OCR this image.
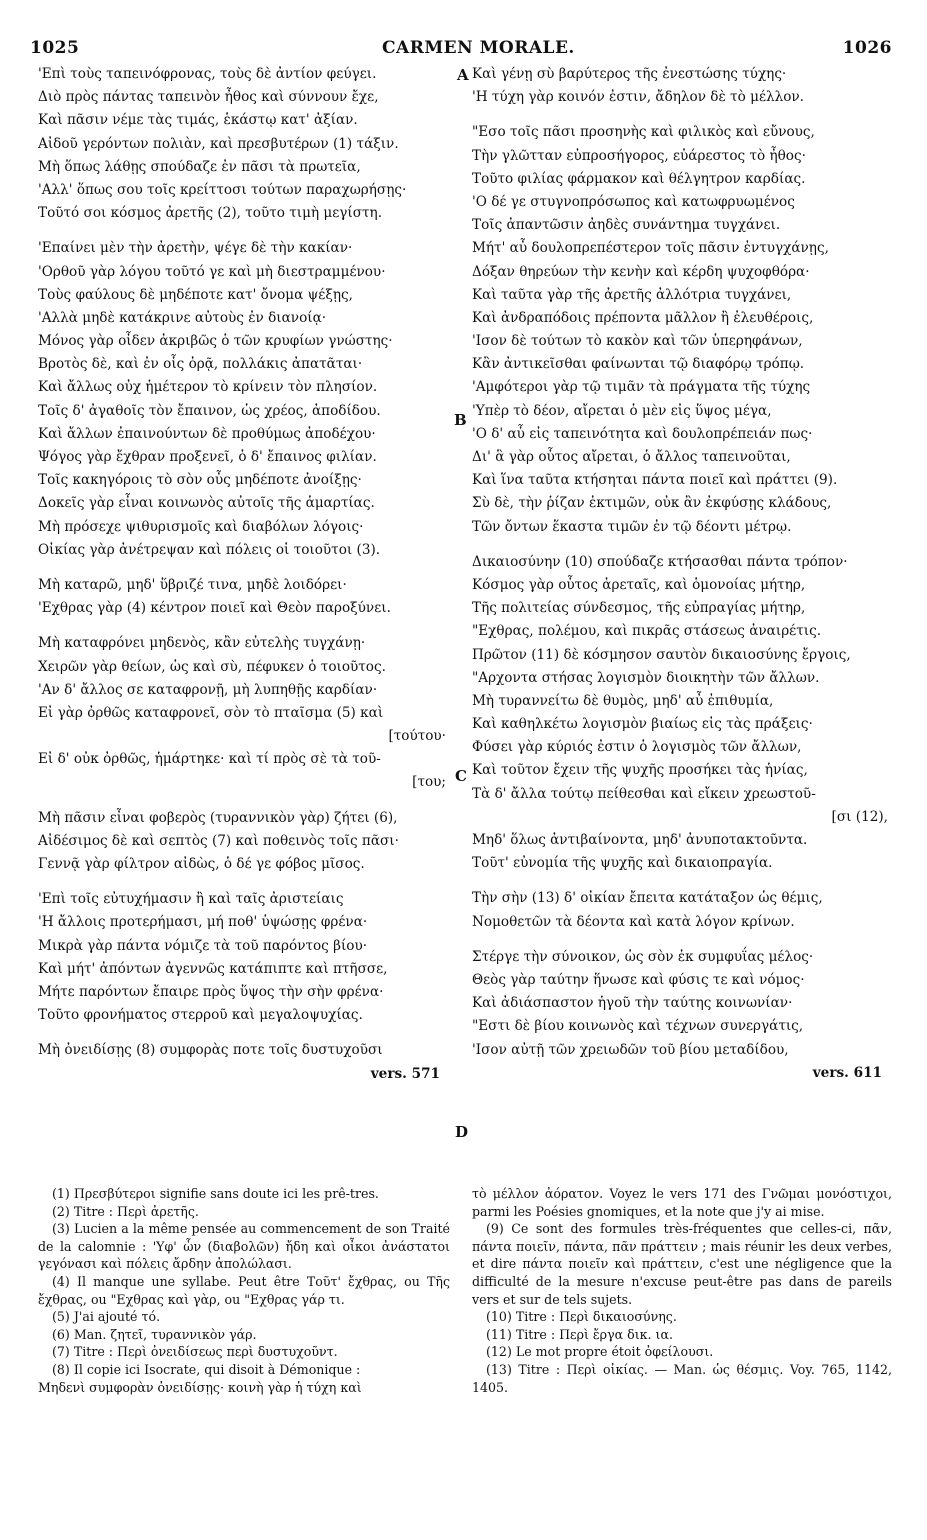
1025	CARMEN MORALE.	1026
A
B
C
D
'Επὶ τοὺς ταπεινόφρονας, τοὺς δὲ ἀντίον φεύγει.
Διὸ πρὸς πάντας ταπεινὸν ἦθος καὶ σύννουν ἔχε,
Καὶ πᾶσιν νέμε τὰς τιμάς, ἑκάστῳ κατ' ἀξίαν.
Αἰδοῦ γερόντων πολιὰν, καὶ πρεσβυτέρων (1) τάξιν.
Μὴ ὅπως λάθῃς σπούδαζε ἐν πᾶσι τὰ πρωτεῖα,
'Αλλ' ὅπως σου τοῖς κρείττοσι τούτων παραχωρήσῃς·
Τοῦτό σοι κόσμος ἀρετῆς (2), τοῦτο τιμὴ μεγίστη.
'Επαίνει μὲν τὴν ἀρετὴν, ψέγε δὲ τὴν κακίαν·
'Ορθοῦ γὰρ λόγου τοῦτό γε καὶ μὴ διεστραμμένου·
Τοὺς φαύλους δὲ μηδέποτε κατ' ὄνομα ψέξῃς,
'Αλλὰ μηδὲ κατάκρινε αὐτοὺς ἐν διανοίᾳ·
Μόνος γὰρ οἶδεν ἀκριβῶς ὁ τῶν κρυφίων γνώστης·
Βροτὸς δὲ, καὶ ἐν οἷς ὁρᾷ, πολλάκις ἀπατᾶται·
Καὶ ἄλλως οὐχ ἡμέτερον τὸ κρίνειν τὸν πλησίον.
Τοῖς δ' ἀγαθοῖς τὸν ἔπαινον, ὡς χρέος, ἀποδίδου.
Καὶ ἄλλων ἐπαινούντων δὲ προθύμως ἀποδέχου·
Ψόγος γὰρ ἔχθραν προξενεῖ, ὁ δ' ἔπαινος φιλίαν.
Τοῖς κακηγόροις τὸ σὸν οὖς μηδέποτε ἀνοίξῃς·
Δοκεῖς γὰρ εἶναι κοινωνὸς αὐτοῖς τῆς ἁμαρτίας.
Μὴ πρόσεχε ψιθυρισμοῖς καὶ διαβόλων λόγοις·
Οἰκίας γὰρ ἀνέτρεψαν καὶ πόλεις οἱ τοιοῦτοι (3).
Μὴ καταρῶ, μηδ' ὕβριζέ τινα, μηδὲ λοιδόρει·
'Εχθρας γὰρ (4) κέντρον ποιεῖ καὶ Θεὸν παροξύνει.
Μὴ καταφρόνει μηδενὸς, κἂν εὐτελὴς τυγχάνῃ·
Χειρῶν γὰρ θείων, ὡς καὶ σὺ, πέφυκεν ὁ τοιοῦτος.
'Αν δ' ἄλλος σε καταφρονῇ, μὴ λυπηθῇς καρδίαν·
Εἰ γὰρ ὀρθῶς καταφρονεῖ, σὸν τὸ πταῖσμα (5) καὶ
[τούτου·
Εἰ δ' οὐκ ὀρθῶς, ἡμάρτηκε· καὶ τί πρὸς σὲ τὰ τοῦ-
[του;
Μὴ πᾶσιν εἶναι φοβερὸς (τυραννικὸν γὰρ) ζήτει (6),
Αἰδέσιμος δὲ καὶ σεπτὸς (7) καὶ ποθεινὸς τοῖς πᾶσι·
Γεννᾷ γὰρ φίλτρον αἰδὼς, ὁ δέ γε φόβος μῖσος.
'Επὶ τοῖς εὐτυχήμασιν ἢ καὶ ταῖς ἀριστείαις
'Η ἄλλοις προτερήμασι, μή ποθ' ὑψώσῃς φρένα·
Μικρὰ γὰρ πάντα νόμιζε τὰ τοῦ παρόντος βίου·
Καὶ μήτ' ἀπόντων ἀγεννῶς κατάπιπτε καὶ πτῆσσε,
Μήτε παρόντων ἔπαιρε πρὸς ὕψος τὴν σὴν φρένα·
Τοῦτο φρονήματος στερροῦ καὶ μεγαλοψυχίας.
Μὴ ὀνειδίσῃς (8) συμφορὰς ποτε τοῖς δυστυχοῦσι
vers. 571
Καὶ γένῃ σὺ βαρύτερος τῆς ἐνεστώσης τύχης·
'Η τύχη γὰρ κοινόν ἐστιν, ἄδηλον δὲ τὸ μέλλον.
"Εσο τοῖς πᾶσι προσηνὴς καὶ φιλικὸς καὶ εὔνους,
Τὴν γλῶτταν εὐπροσήγορος, εὐάρεστος τὸ ἦθος·
Τοῦτο φιλίας φάρμακον καὶ θέλγητρον καρδίας.
'Ο δέ γε στυγνοπρόσωπος καὶ κατωφρυωμένος
Τοῖς ἀπαντῶσιν ἀηδὲς συνάντημα τυγχάνει.
Μήτ' αὖ δουλοπρεπέστερον τοῖς πᾶσιν ἐντυγχάνῃς,
Δόξαν θηρεύων τὴν κενὴν καὶ κέρδη ψυχοφθόρα·
Καὶ ταῦτα γὰρ τῆς ἀρετῆς ἀλλότρια τυγχάνει,
Καὶ ἀνδραπόδοις πρέποντα μᾶλλον ἢ ἐλευθέροις,
'Ισον δὲ τούτων τὸ κακὸν καὶ τῶν ὑπερηφάνων,
Κἂν ἀντικεῖσθαι φαίνωνται τῷ διαφόρῳ τρόπῳ.
'Αμφότεροι γὰρ τῷ τιμᾶν τὰ πράγματα τῆς τύχης
'Υπὲρ τὸ δέον, αἴρεται ὁ μὲν εἰς ὕψος μέγα,
'Ο δ' αὖ εἰς ταπεινότητα καὶ δουλοπρέπειάν πως·
Δι' ἃ γὰρ οὗτος αἴρεται, ὁ ἄλλος ταπεινοῦται,
Καὶ ἵνα ταῦτα κτήσηται πάντα ποιεῖ καὶ πράττει (9).
Σὺ δὲ, τὴν ῥίζαν ἐκτιμῶν, οὐκ ἂν ἐκφύσῃς κλάδους,
Τῶν ὄντων ἕκαστα τιμῶν ἐν τῷ δέοντι μέτρῳ.
Δικαιοσύνην (10) σπούδαζε κτήσασθαι πάντα τρόπον·
Κόσμος γὰρ οὗτος ἀρεταῖς, καὶ ὁμονοίας μήτηρ,
Τῆς πολιτείας σύνδεσμος, τῆς εὐπραγίας μήτηρ,
"Εχθρας, πολέμου, καὶ πικρᾶς στάσεως ἀναιρέτις.
Πρῶτον (11) δὲ κόσμησον σαυτὸν δικαιοσύνης ἔργοις,
"Αρχοντα στήσας λογισμὸν διοικητὴν τῶν ἄλλων.
Μὴ τυραννείτω δὲ θυμὸς, μηδ' αὖ ἐπιθυμία,
Καὶ καθηλκέτω λογισμὸν βιαίως εἰς τὰς πράξεις·
Φύσει γὰρ κύριός ἐστιν ὁ λογισμὸς τῶν ἄλλων,
Καὶ τοῦτον ἔχειν τῆς ψυχῆς προσήκει τὰς ἡνίας,
Τὰ δ' ἄλλα τούτῳ πείθεσθαι καὶ εἴκειν χρεωστοῦ-
[σι (12),
Μηδ' ὅλως ἀντιβαίνοντα, μηδ' ἀνυποτακτοῦντα.
Τοῦτ' εὐνομία τῆς ψυχῆς καὶ δικαιοπραγία.
Τὴν σὴν (13) δ' οἰκίαν ἔπειτα κατάταξον ὡς θέμις,
Νομοθετῶν τὰ δέοντα καὶ κατὰ λόγον κρίνων.
Στέργε τὴν σύνοικον, ὡς σὸν ἐκ συμφυΐας μέλος·
Θεὸς γὰρ ταύτην ἥνωσε καὶ φύσις τε καὶ νόμος·
Καὶ ἀδιάσπαστον ἡγοῦ τὴν ταύτης κοινωνίαν·
"Εστι δὲ βίου κοινωνὸς καὶ τέχνων συνεργάτις,
'Ισον αὐτῇ τῶν χρειωδῶν τοῦ βίου μεταδίδου,
vers. 611
(1) Πρεσβύτεροι signifie sans doute ici les prê-tres.
(2) Titre : Περὶ ἀρετῆς.
(3) Lucien a la même pensée au commencement de son Traité de la calomnie : 'Υφ' ὧν (διαβολῶν) ἤδη καὶ οἶκοι ἀνάστατοι γεγόνασι καὶ πόλεις ἄρδην ἀπολώλασι.
(4) Il manque une syllabe. Peut être Τοῦτ' ἔχθρας, ou Τῆς ἔχθρας, ou "Εχθρας καὶ γὰρ, ou "Εχθρας γάρ τι.
(5) J'ai ajouté τό.
(6) Man. ζητεῖ, τυραννικὸν γάρ.
(7) Titre : Περὶ ὀνειδίσεως περὶ δυστυχοῦντ.
(8) Il copie ici Isocrate, qui disoit à Démonique :
Μηδενὶ συμφορὰν ὀνειδίσῃς· κοινὴ γὰρ ἡ τύχη καὶ
τὸ μέλλον ἀόρατον. Voyez le vers 171 des Γνῶμαι μονόστιχοι, parmi les Poésies gnomiques, et la note que j'y ai mise.
(9) Ce sont des formules très-fréquentes que celles-ci, πᾶν, πάντα ποιεῖν, πάντα, πᾶν πράττειν ; mais réunir les deux verbes, et dire πάντα ποιεῖν καὶ πράττειν, c'est une négligence que la difficulté de la mesure n'excuse peut-être pas dans de pareils vers et sur de tels sujets.
(10) Titre : Περὶ δικαιοσύνης.
(11) Titre : Περὶ ἔργα δικ. ια.
(12) Le mot propre étoit ὀφείλουσι.
(13) Titre : Περὶ οἰκίας. — Man. ὡς θέσμις. Voy. 765, 1142, 1405.
